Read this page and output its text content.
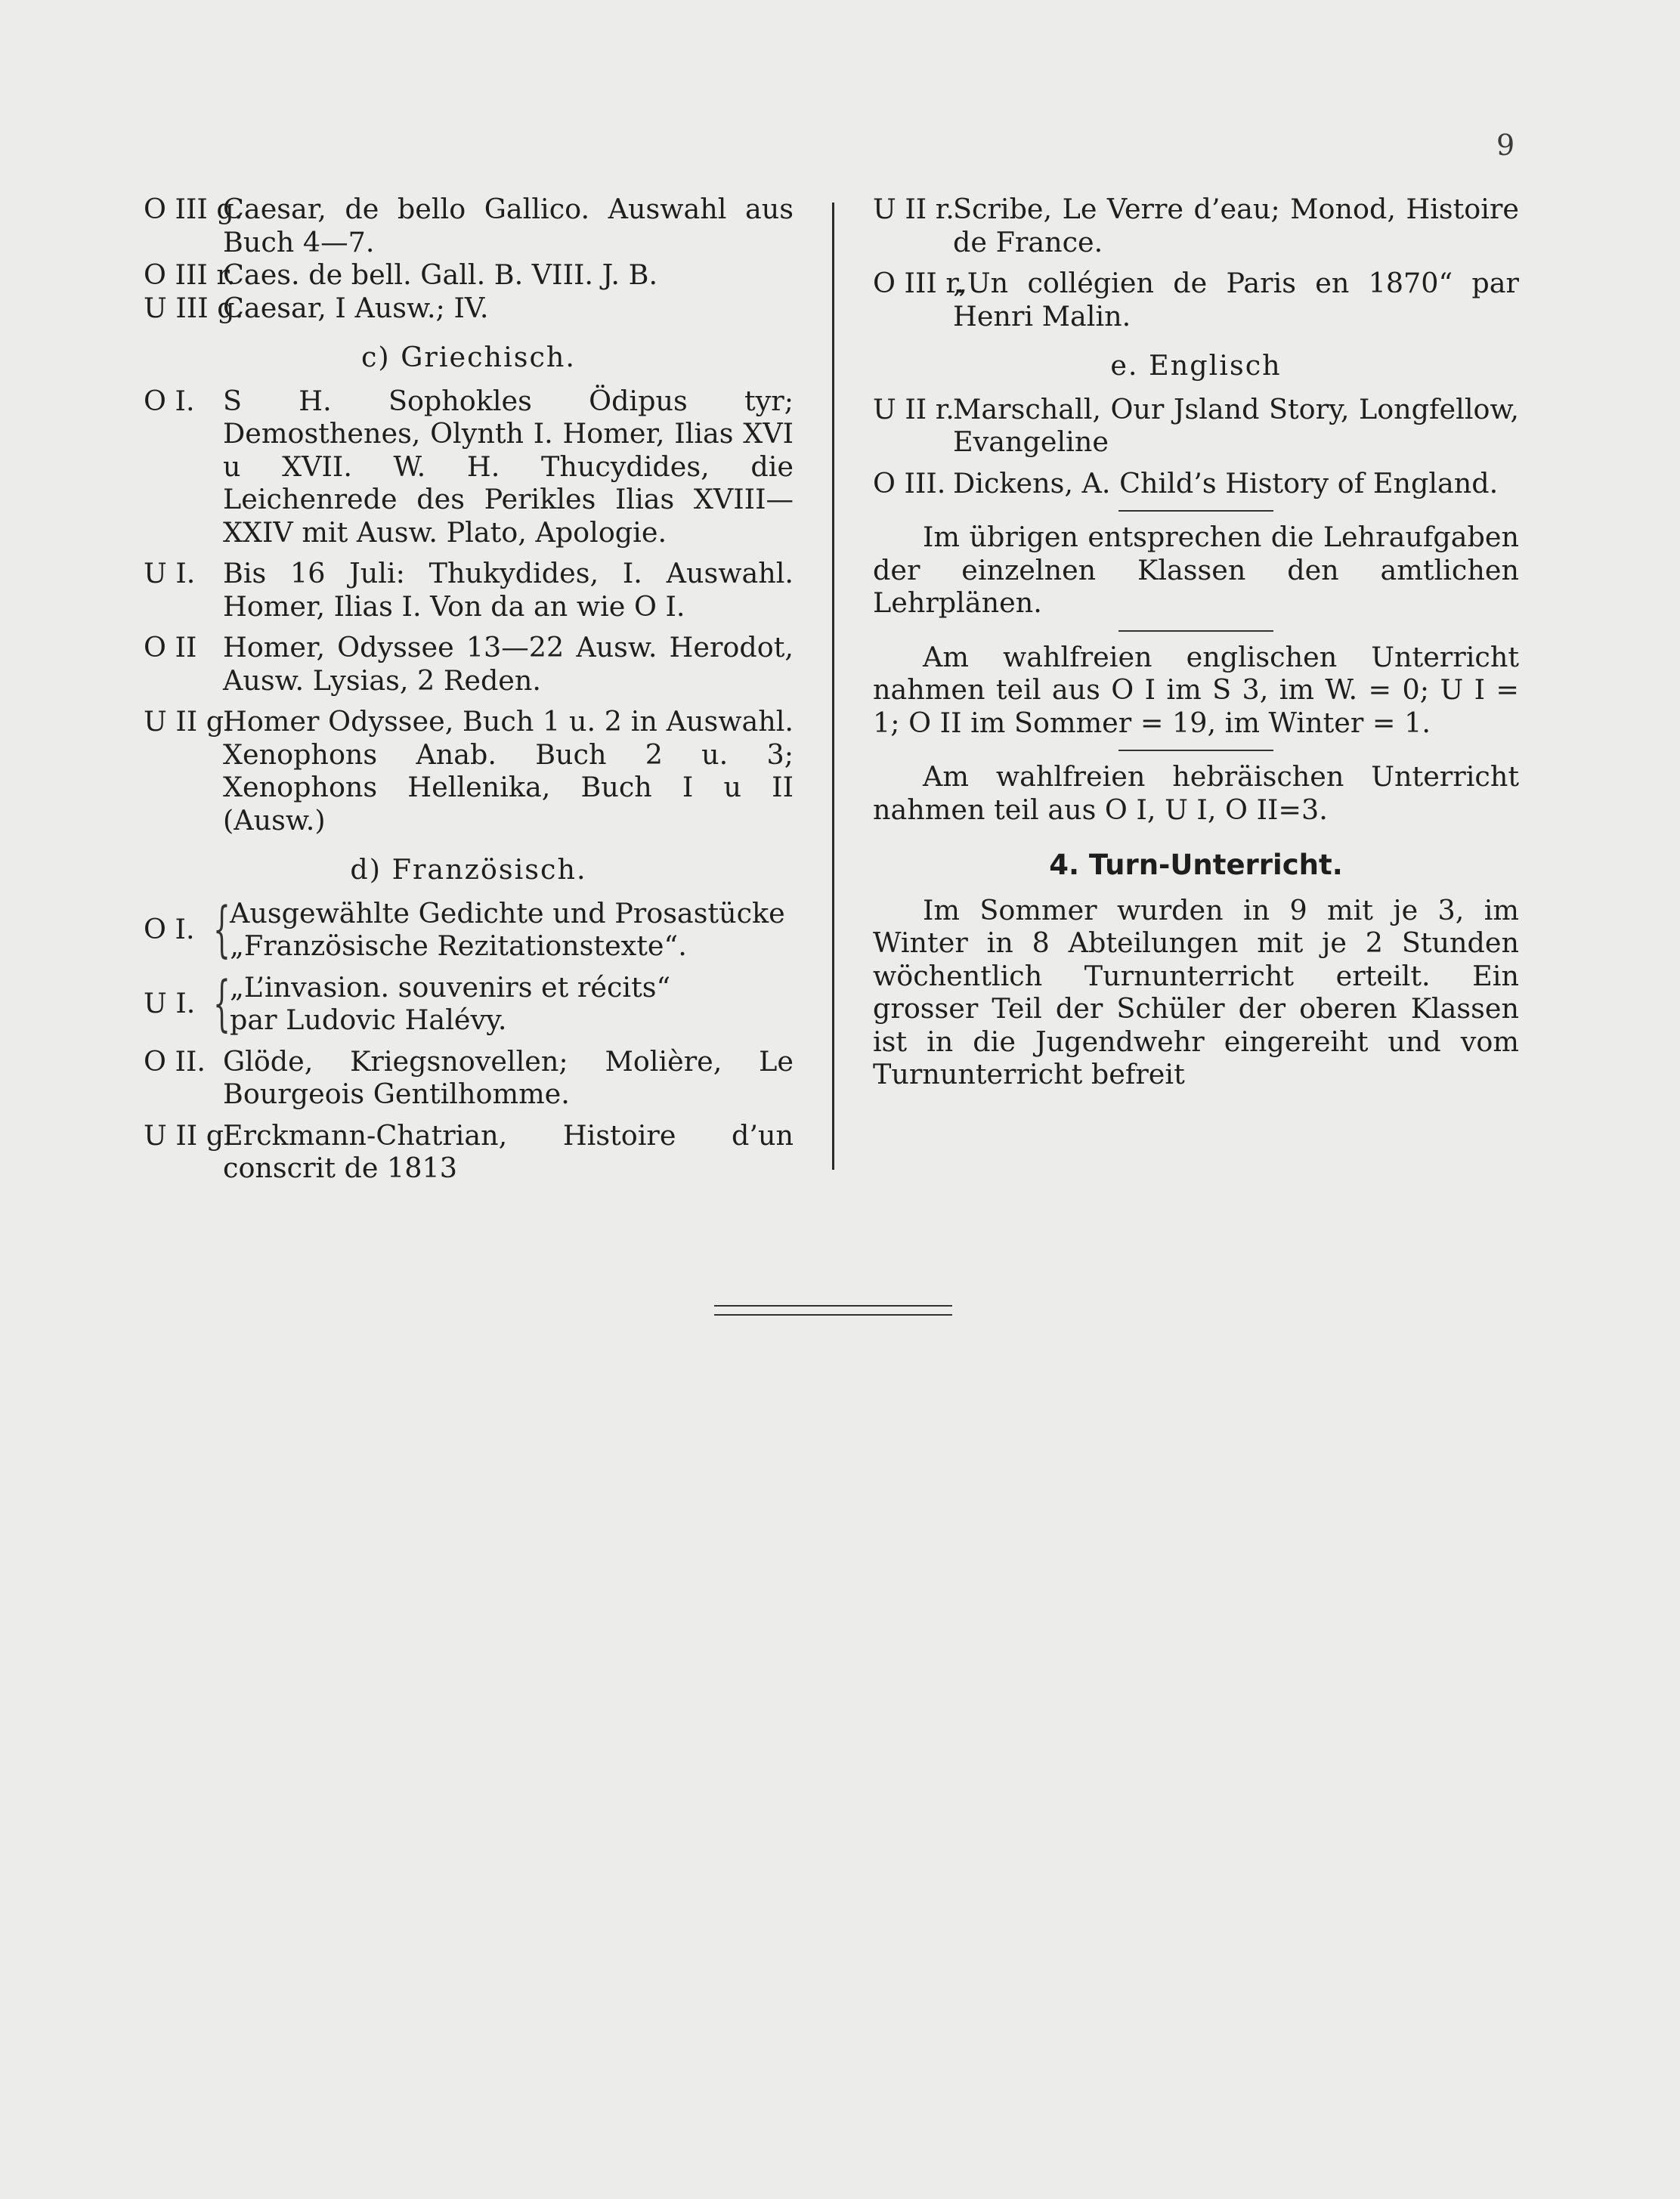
9
O III g.
Caesar, de bello Gallico. Auswahl aus Buch 4—7.
O III r.
Caes. de bell. Gall. B. VIII. J. B.
U III g.
Caesar, I Ausw.; IV.
c) Griechisch.
O I.	S H. Sophokles Ödipus tyr; Demosthenes, Olynth I. Homer, Ilias XVI u XVII. W. H. Thucydides, die Leichenrede des Perikles Ilias XVIII—XXIV mit Ausw. Plato, Apologie.
U I.	Bis 16 Juli: Thukydides, I. Auswahl. Homer, Ilias I. Von da an wie O I.
O II Homer, Odyssee 13—22 Ausw. Herodot, Ausw. Lysias, 2 Reden.
U II g.
Homer Odyssee, Buch 1 u. 2 in Auswahl. Xenophons Anab. Buch 2 u. 3; Xenophons Hellenika, Buch I u II (Ausw.)
d) Französisch.
O I. { Ausgewählte Gedichte und Prosastücke
„Französische Rezitationstexte“.
U I. { „L’invasion. souvenirs et récits“
par Ludovic Halévy.
O II. Glöde, Kriegsnovellen; Molière, Le Bourgeois Gentilhomme.
U II g.
Erckmann-Chatrian, Histoire d’un conscrit de 1813
U II r.
Scribe, Le Verre d’eau; Monod, Histoire de France.
O III r.
„Un collégien de Paris en 1870“ par Henri Malin.
e. Englisch
U II r.
Marschall, Our Jsland Story, Longfellow, Evangeline
O III. Dickens, A. Child’s History of England.
Im übrigen entsprechen die Lehraufgaben der einzelnen Klassen den amtlichen Lehrplänen.
Am wahlfreien englischen Unterricht nahmen teil aus O I im S 3, im W. = 0; U I = 1; O II im Sommer = 19, im Winter = 1.
Am wahlfreien hebräischen Unterricht nahmen teil aus O I, U I, O II=3.
4. Turn-Unterricht.
Im Sommer wurden in 9 mit je 3, im Winter in 8 Abteilungen mit je 2 Stunden wöchentlich Turnunterricht erteilt. Ein grosser Teil der Schüler der oberen Klassen ist in die Jugendwehr eingereiht und vom Turnunterricht befreit
